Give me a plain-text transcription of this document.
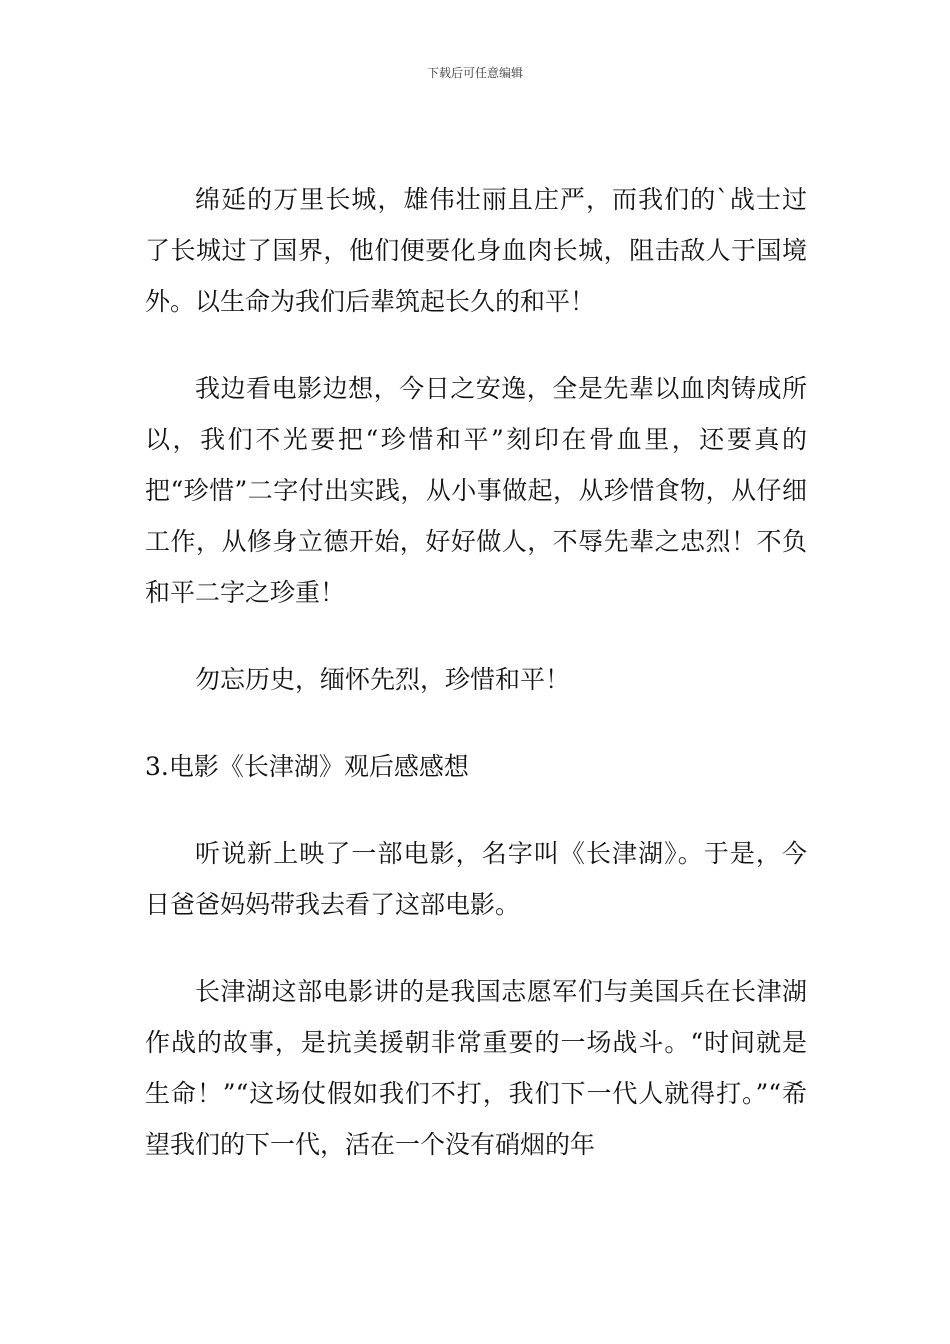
下载后可任意编辑

绵延的万里长城，雄伟壮丽且庄严，而我们的`战士过了长城过了国界，他们便要化身血肉长城，阻击敌人于国境外。以生命为我们后辈筑起长久的和平！

我边看电影边想，今日之安逸，全是先辈以血肉铸成所以，我们不光要把“珍惜和平”刻印在骨血里，还要真的把“珍惜”二字付出实践，从小事做起，从珍惜食物，从仔细工作，从修身立德开始，好好做人，不辱先辈之忠烈！不负和平二字之珍重！

勿忘历史，缅怀先烈，珍惜和平！

3.电影《长津湖》观后感感想

听说新上映了一部电影，名字叫《长津湖》。于是，今日爸爸妈妈带我去看了这部电影。

长津湖这部电影讲的是我国志愿军们与美国兵在长津湖作战的故事，是抗美援朝非常重要的一场战斗。“时间就是生命！”“这场仗假如我们不打，我们下一代人就得打。”“希望我们的下一代，活在一个没有硝烟的年
